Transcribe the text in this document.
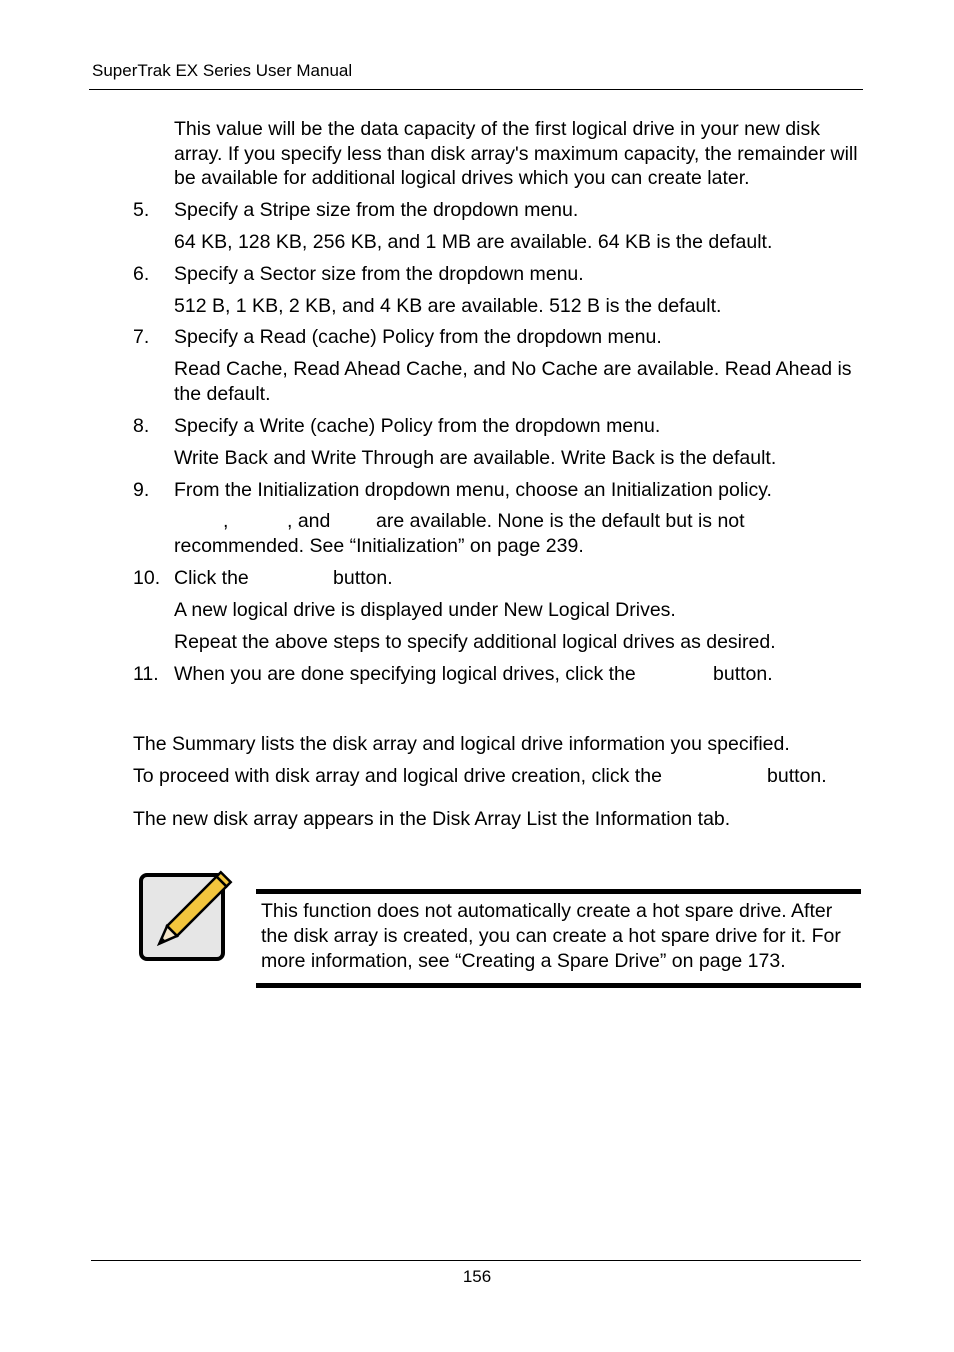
SuperTrak EX Series User Manual
This value will be the data capacity of the first logical drive in your new disk array. If you specify less than disk array's maximum capacity, the remainder will be available for additional logical drives which you can create later.
5. Specify a Stripe size from the dropdown menu.
64 KB, 128 KB, 256 KB, and 1 MB are available. 64 KB is the default.
6. Specify a Sector size from the dropdown menu.
512 B, 1 KB, 2 KB, and 4 KB are available. 512 B is the default.
7. Specify a Read (cache) Policy from the dropdown menu.
Read Cache, Read Ahead Cache, and No Cache are available. Read Ahead is the default.
8. Specify a Write (cache) Policy from the dropdown menu.
Write Back and Write Through are available. Write Back is the default.
9. From the Initialization dropdown menu, choose an Initialization policy.
,	, and are available. None is the default but is not
recommended. See “Initialization” on page 239.
10. Click the	button.
A new logical drive is displayed under New Logical Drives.
Repeat the above steps to specify additional logical drives as desired.
11. When you are done specifying logical drives, click the	button.
The Summary lists the disk array and logical drive information you specified.
To proceed with disk array and logical drive creation, click the	button.
The new disk array appears in the Disk Array List the Information tab.
This function does not automatically create a hot spare drive. After the disk array is created, you can create a hot spare drive for it. For more information, see “Creating a Spare Drive” on page 173.
156
